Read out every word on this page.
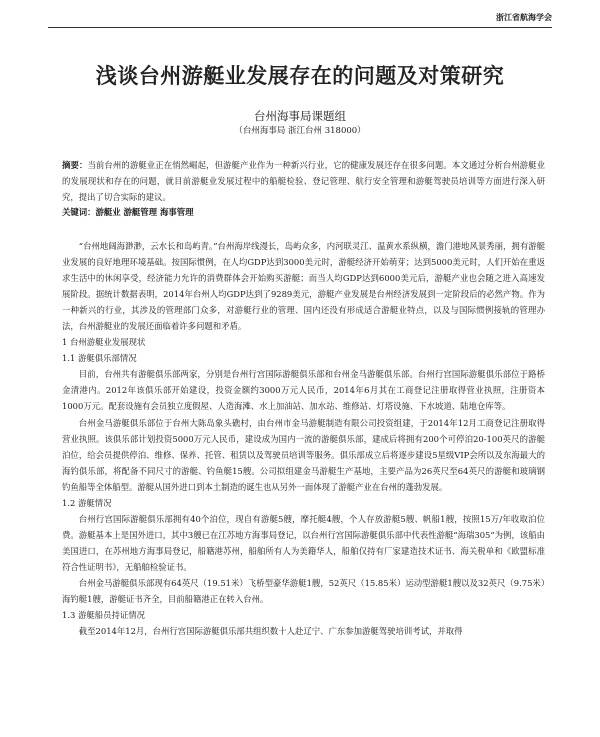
浙江省航海学会
浅谈台州游艇业发展存在的问题及对策研究
台州海事局课题组
（台州海事局 浙江台州 318000）
摘要：当前台州的游艇业正在悄然崛起，但游艇产业作为一种新兴行业，它的健康发展还存在很多问题。本文通过分析台州游艇业的发展现状和存在的问题，就目前游艇业发展过程中的船艇检验、登记管理、航行安全管理和游艇驾驶员培训等方面进行深入研究，提出了切合实际的建议。
关键词：游艇业 游艇管理 海事管理

“台州地阔海渺渺，云水长和岛屿青。”台州海岸线漫长，岛屿众多，内河联灵江、温黄水系纵横，澹门港地风景秀丽，拥有游艇业发展的良好地理环境基础。按国际惯例，在人均GDP达到3000美元时，游艇经济开始萌芽；达到5000美元时，人们开始在重返求生活中的休闲享受，经济能力允许的消费群体会开始购买游艇；而当人均GDP达到6000美元后，游艇产业也会随之进入高速发展阶段。据统计数据表明，2014年台州人均GDP达到了9289美元，游艇产业发展是台州经济发展到一定阶段后的必然产物。作为一种新兴的行业，其涉及的管理部门众多，对游艇行业的管理、国内还没有形成适合游艇业特点，以及与国际惯例接轨的管理办法，台州游艇业的发展还面临着许多问题和矛盾。

1 台州游艇业发展现状

1.1 游艇俱乐部情况

目前，台州共有游艇俱乐部两家，分别是台州行宫国际游艇俱乐部和台州金马游艇俱乐部。台州行宫国际游艇俱乐部位于路桥金清港内。2012年该俱乐部开始建设，投资金额约3000万元人民币，2014年6月其在工商登记注册取得营业执照，注册资本1000万元。配套设施有会员独立度假屋、人造海滩、水上加油站、加水站、维修站、灯塔设施、下水坡道、陆地仓库等。

台州金马游艇俱乐部位于台州大陈岛象头礁村，由台州市金马游艇制造有限公司投资组建，于2014年12月工商登记注册取得营业执照。该俱乐部计划投资5000万元人民币，建设成为国内一流的游艇俱乐部，建成后将拥有200个可停泊20-100英尺的游艇泊位，给会员提供停泊、维修、保养、托管、租赁以及驾驶员培训等服务。俱乐部成立后将逐步建设5星级VIP会所以及东海最大的海钓俱乐部，将配备不同尺寸的游艇、钓鱼艇15艘。公司拟组建金马游艇生产基地，主要产品为26英尺至64英尺的游艇和玻璃钢钓鱼船等全体船型。游艇从国外进口到本土制造的诞生也从另外一面体现了游艇产业在台州的蓬勃发展。

1.2 游艇情况

台州行宫国际游艇俱乐部拥有40个泊位，现自有游艇5艘，摩托艇4艘，个人存放游艇5艘、帆船1艘，按照15万/年收取泊位费。游艇基本上是国外进口，其中3艘已在江苏地方海事局登记，以台州行宫国际游艇俱乐部中代表性游艇“海瑞305”为例，该船由美国进口，在苏州地方海事局登记，船籍港苏州，船舶所有人为美籍华人，船舶仅持有厂家建造技术证书、海关税单和《欧盟标准符合性证明书》，无船舶检验证书。

台州金马游艇俱乐部现有64英尺（19.51米）飞桥型豪华游艇1艘，52英尺（15.85米）运动型游艇1艘以及32英尺（9.75米）海钓艇1艘，游艇证书齐全，目前船籍港正在转入台州。

1.3 游艇船员持证情况

截至2014年12月，台州行宫国际游艇俱乐部共组织数十人赴辽宁、广东参加游艇驾驶培训考试，并取得
